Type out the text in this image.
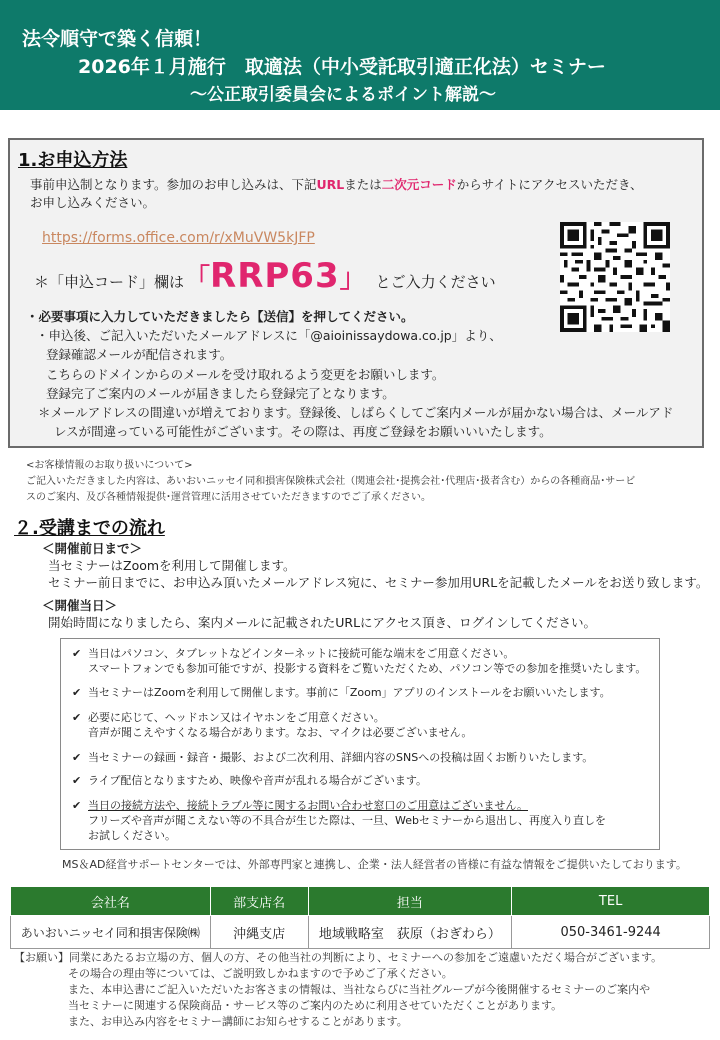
法令順守で築く信頼！
2026年１月施行　取適法（中小受託取引適正化法）セミナー
～公正取引委員会によるポイント解説～
1.お申込方法
事前申込制となります。参加のお申し込みは、下記URLまたは二次元コードからサイトにアクセスいただき、
お申し込みください。
https://forms.office.com/r/xMuVW5kJFP
＊「申込コード」欄は 「 RRP63 」 とご入力ください
・必要事項に入力していただきましたら【送信】を押してください。
・申込後、ご記入いただいたメールアドレスに「@aioinissaydowa.co.jp」より、
登録確認メールが配信されます。
こちらのドメインからのメールを受け取れるよう変更をお願いします。
登録完了ご案内のメールが届きましたら登録完了となります。
＊メールアドレスの間違いが増えております。登録後、しばらくしてご案内メールが届かない場合は、メールアド
レスが間違っている可能性がございます。その際は、再度ご登録をお願いいいたします。
<お客様情報のお取り扱いについて>
ご記入いただきました内容は、あいおいニッセイ同和損害保険株式会社（関連会社･提携会社･代理店･扱者含む）からの各種商品･サービ
スのご案内、及び各種情報提供･運営管理に活用させていただきますのでご了承ください。
２.受講までの流れ
＜開催前日まで＞
当セミナーはZoomを利用して開催します。
セミナー前日までに、お申込み頂いたメールアドレス宛に、セミナー参加用URLを記載したメールをお送り致します。
＜開催当日＞
開始時間になりましたら、案内メールに記載されたURLにアクセス頂き、ログインしてください。
✔ 当日はパソコン、タブレットなどインターネットに接続可能な端末をご用意ください。
スマートフォンでも参加可能ですが、投影する資料をご覧いただくため、パソコン等での参加を推奨いたします。
✔ 当セミナーはZoomを利用して開催します。事前に「Zoom」アプリのインストールをお願いいたします。
✔ 必要に応じて、ヘッドホン又はイヤホンをご用意ください。
音声が聞こえやすくなる場合があります。なお、マイクは必要ございません。
✔ 当セミナーの録画・録音・撮影、および二次利用、詳細内容のSNSへの投稿は固くお断りいたします。
✔ ライブ配信となりますため、映像や音声が乱れる場合がございます。
✔ 当日の接続方法や、接続トラブル等に関するお問い合わせ窓口のご用意はございません。
フリーズや音声が聞こえない等の不具合が生じた際は、一旦、Webセミナーから退出し、再度入り直しを
お試しください。
MS＆AD経営サポートセンターでは、外部専門家と連携し、企業・法人経営者の皆様に有益な情報をご提供いたしております。
会社名	部支店名	担当	TEL
あいおいニッセイ同和損害保険㈱	沖縄支店	地域戦略室　荻原（おぎわら）	050-3461-9244
【お願い】同業にあたるお立場の方、個人の方、その他当社の判断により、セミナーへの参加をご遠慮いただく場合がございます。
その場合の理由等については、ご説明致しかねますので予めご了承ください。
また、本申込書にご記入いただいたお客さまの情報は、当社ならびに当社グループが今後開催するセミナーのご案内や
当セミナーに関連する保険商品・サービス等のご案内のために利用させていただくことがあります。
また、お申込み内容をセミナー講師にお知らせすることがあります。
